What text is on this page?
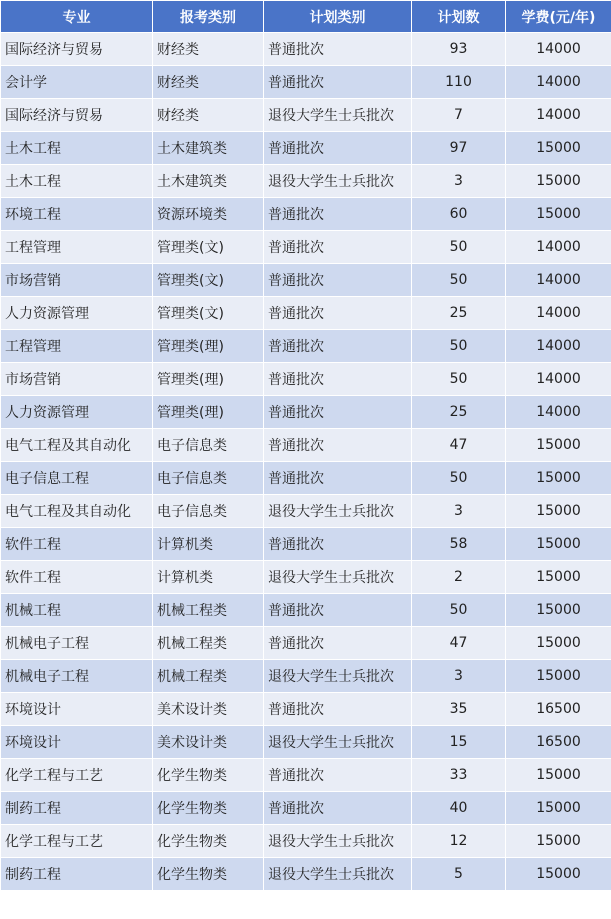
专业	报考类别	计划类别	计划数	学费(元/年)
国际经济与贸易	财经类	普通批次	93	14000
会计学	财经类	普通批次	110	14000
国际经济与贸易	财经类	退役大学生士兵批次	7	14000
土木工程	土木建筑类	普通批次	97	15000
土木工程	土木建筑类	退役大学生士兵批次	3	15000
环境工程	资源环境类	普通批次	60	15000
工程管理	管理类(文)	普通批次	50	14000
市场营销	管理类(文)	普通批次	50	14000
人力资源管理	管理类(文)	普通批次	25	14000
工程管理	管理类(理)	普通批次	50	14000
市场营销	管理类(理)	普通批次	50	14000
人力资源管理	管理类(理)	普通批次	25	14000
电气工程及其自动化	电子信息类	普通批次	47	15000
电子信息工程	电子信息类	普通批次	50	15000
电气工程及其自动化	电子信息类	退役大学生士兵批次	3	15000
软件工程	计算机类	普通批次	58	15000
软件工程	计算机类	退役大学生士兵批次	2	15000
机械工程	机械工程类	普通批次	50	15000
机械电子工程	机械工程类	普通批次	47	15000
机械电子工程	机械工程类	退役大学生士兵批次	3	15000
环境设计	美术设计类	普通批次	35	16500
环境设计	美术设计类	退役大学生士兵批次	15	16500
化学工程与工艺	化学生物类	普通批次	33	15000
制药工程	化学生物类	普通批次	40	15000
化学工程与工艺	化学生物类	退役大学生士兵批次	12	15000
制药工程	化学生物类	退役大学生士兵批次	5	15000
